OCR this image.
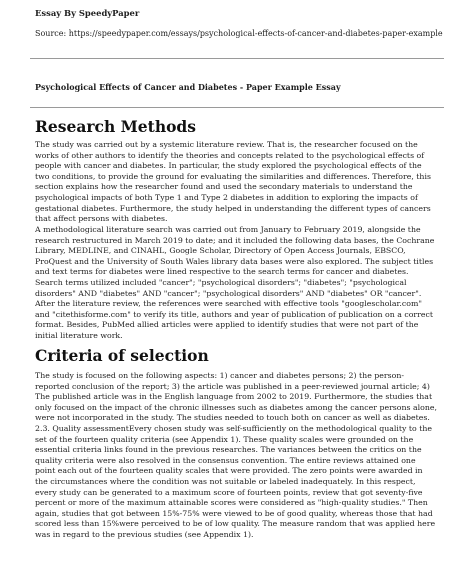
Essay By SpeedyPaper
Source: https://speedypaper.com/essays/psychological-effects-of-cancer-and-diabetes-paper-example
Psychological Effects of Cancer and Diabetes - Paper Example Essay
Research Methods
The study was carried out by a systemic literature review. That is, the researcher focused on the
works of other authors to identify the theories and concepts related to the psychological effects of
people with cancer and diabetes. In particular, the study explored the psychological effects of the
two conditions, to provide the ground for evaluating the similarities and differences. Therefore, this
section explains how the researcher found and used the secondary materials to understand the
psychological impacts of both Type 1 and Type 2 diabetes in addition to exploring the impacts of
gestational diabetes. Furthermore, the study helped in understanding the different types of cancers
that affect persons with diabetes.
A methodological literature search was carried out from January to February 2019, alongside the
research restructured in March 2019 to date; and it included the following data bases, the Cochrane
Library, MEDLINE, and CINAHL, Google Scholar, Directory of Open Access Journals, EBSCO,
ProQuest and the University of South Wales library data bases were also explored. The subject titles
and text terms for diabetes were lined respective to the search terms for cancer and diabetes.
Search terms utilized included "cancer"; "psychological disorders"; "diabetes"; "psychological
disorders" AND "diabetes" AND "cancer"; "psychological disorders" AND "diabetes" OR "cancer".
After the literature review, the references were searched with effective tools "googlescholar.com"
and "citethisforme.com" to verify its title, authors and year of publication of publication on a correct
format. Besides, PubMed allied articles were applied to identify studies that were not part of the
initial literature work.
Criteria of selection
The study is focused on the following aspects: 1) cancer and diabetes persons; 2) the person-
reported conclusion of the report; 3) the article was published in a peer-reviewed journal article; 4)
The published article was in the English language from 2002 to 2019. Furthermore, the studies that
only focused on the impact of the chronic illnesses such as diabetes among the cancer persons alone,
were not incorporated in the study. The studies needed to touch both on cancer as well as diabetes.
2.3. Quality assessmentEvery chosen study was self-sufficiently on the methodological quality to the
set of the fourteen quality criteria (see Appendix 1). These quality scales were grounded on the
essential criteria links found in the previous researches. The variances between the critics on the
quality criteria were also resolved in the consensus convention. The entire reviews attained one
point each out of the fourteen quality scales that were provided. The zero points were awarded in
the circumstances where the condition was not suitable or labeled inadequately. In this respect,
every study can be generated to a maximum score of fourteen points, review that got seventy-five
percent or more of the maximum attainable scores were considered as "high-quality studies." Then
again, studies that got between 15%-75% were viewed to be of good quality, whereas those that had
scored less than 15%were perceived to be of low quality. The measure random that was applied here
was in regard to the previous studies (see Appendix 1).
